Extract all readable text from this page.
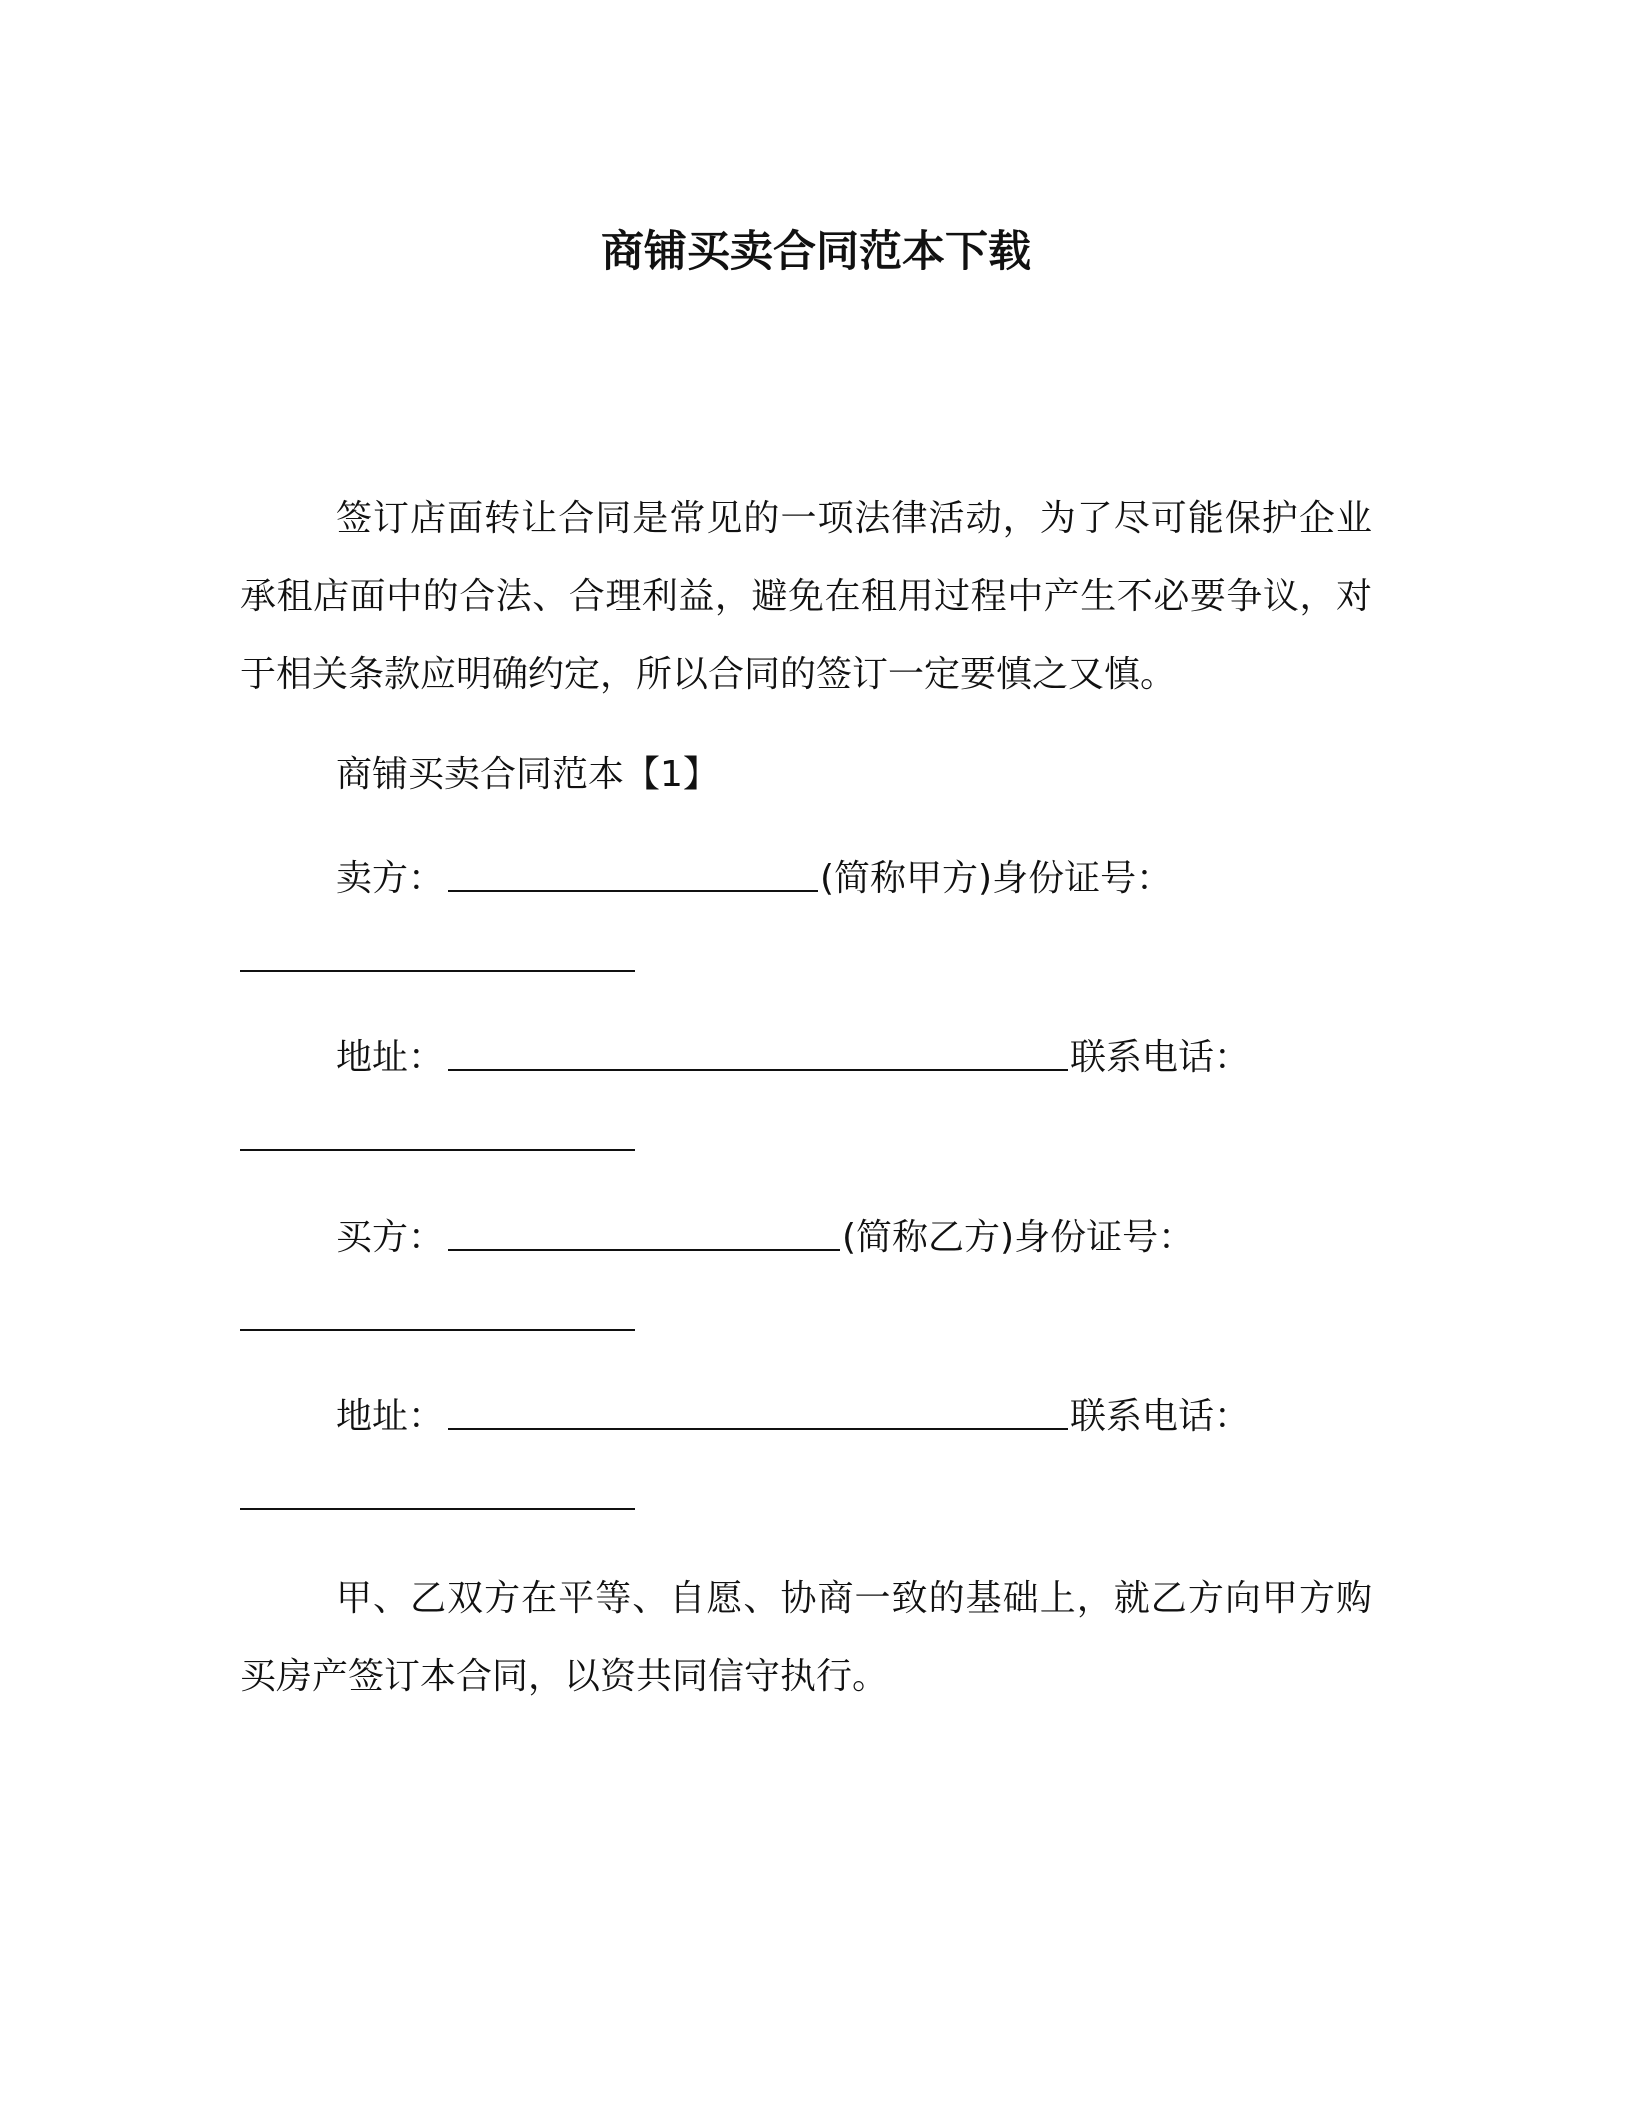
商铺买卖合同范本下载
签订店面转让合同是常见的一项法律活动，为了尽可能保护企业承租店面中的合法、合理利益，避免在租用过程中产生不必要争议，对于相关条款应明确约定，所以合同的签订一定要慎之又慎。
商铺买卖合同范本【1】
卖方：	(简称甲方)身份证号：
地址：	联系电话：
买方：	(简称乙方)身份证号：
地址：	联系电话：
甲、乙双方在平等、自愿、协商一致的基础上，就乙方向甲方购买房产签订本合同，以资共同信守执行。
